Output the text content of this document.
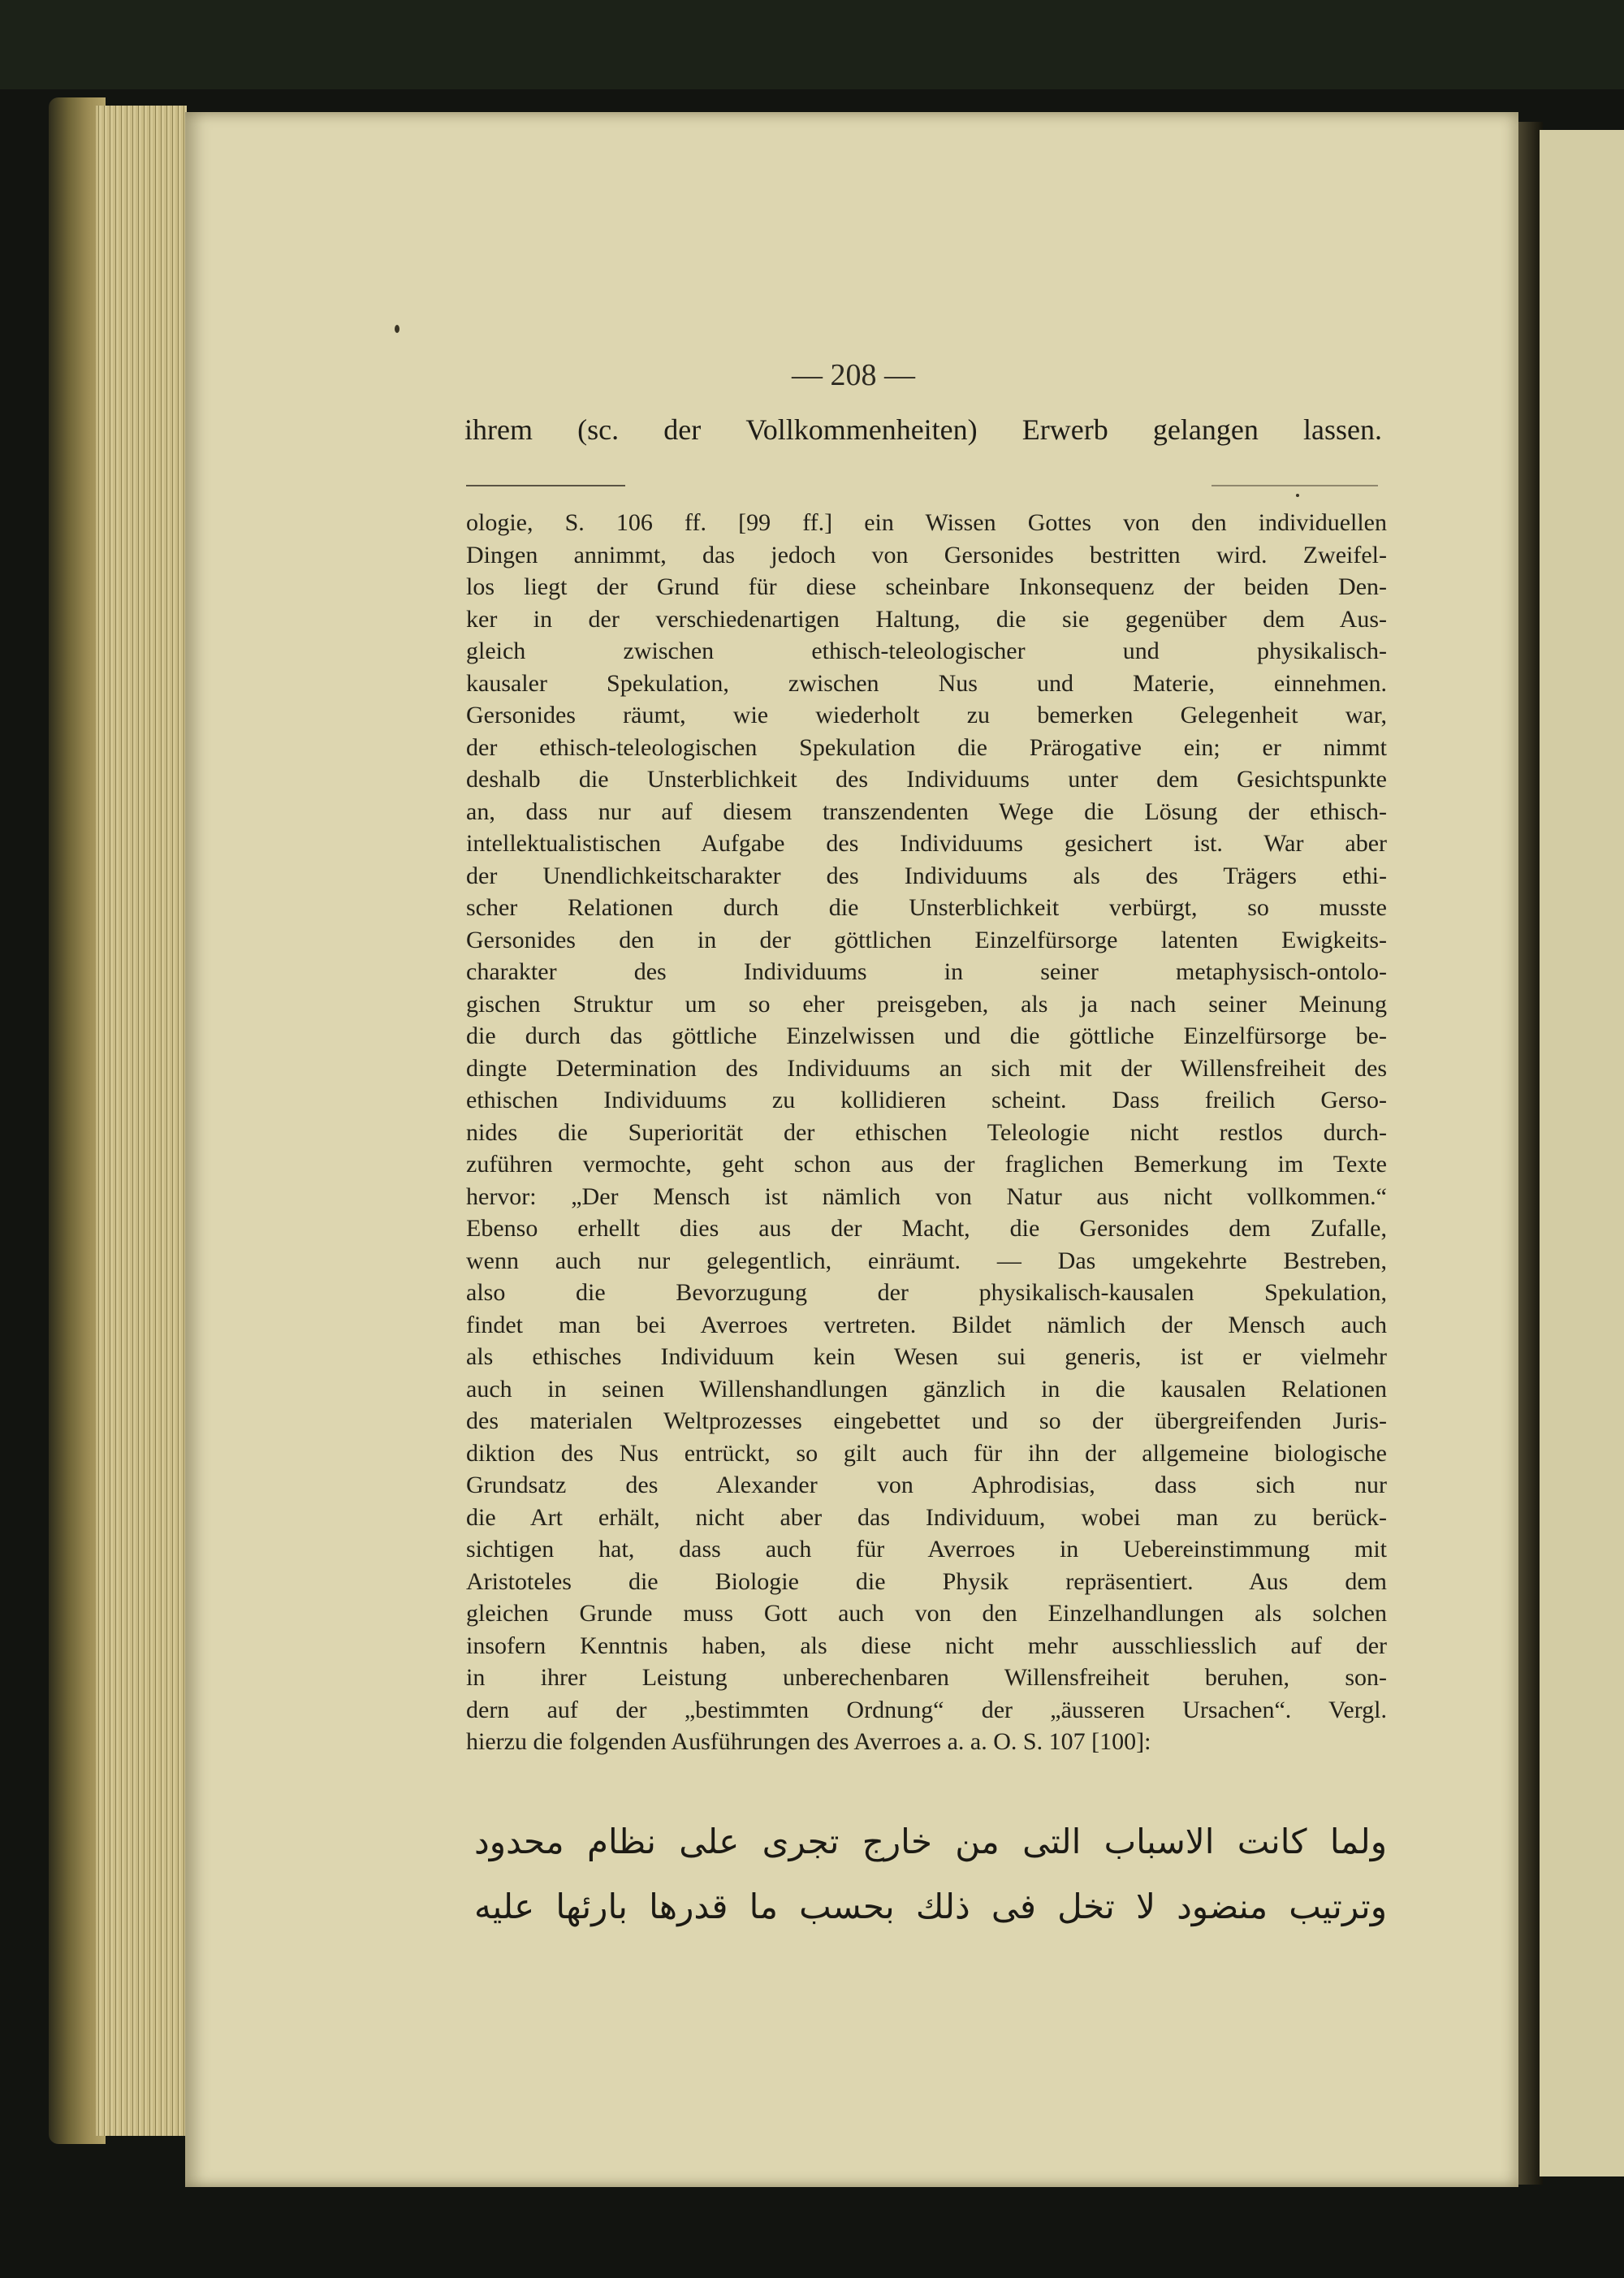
— 208 —
ihrem (sc. der Vollkommenheiten) Erwerb gelangen lassen.
ologie, S. 106 ff. [99 ff.] ein Wissen Gottes von den individuellen
Dingen annimmt, das jedoch von Gersonides bestritten wird. Zweifel-
los liegt der Grund für diese scheinbare Inkonsequenz der beiden Den-
ker in der verschiedenartigen Haltung, die sie gegenüber dem Aus-
gleich zwischen ethisch-teleologischer und physikalisch-
kausaler Spekulation, zwischen Nus und Materie, einnehmen.
Gersonides räumt, wie wiederholt zu bemerken Gelegenheit war,
der ethisch-teleologischen Spekulation die Prärogative ein; er nimmt
deshalb die Unsterblichkeit des Individuums unter dem Gesichtspunkte
an, dass nur auf diesem transzendenten Wege die Lösung der ethisch-
intellektualistischen Aufgabe des Individuums gesichert ist. War aber
der Unendlichkeitscharakter des Individuums als des Trägers ethi-
scher Relationen durch die Unsterblichkeit verbürgt, so musste
Gersonides den in der göttlichen Einzelfürsorge latenten Ewigkeits-
charakter des Individuums in seiner metaphysisch-ontolo-
gischen Struktur um so eher preisgeben, als ja nach seiner Meinung
die durch das göttliche Einzelwissen und die göttliche Einzelfürsorge be-
dingte Determination des Individuums an sich mit der Willensfreiheit des
ethischen Individuums zu kollidieren scheint. Dass freilich Gerso-
nides die Superiorität der ethischen Teleologie nicht restlos durch-
zuführen vermochte, geht schon aus der fraglichen Bemerkung im Texte
hervor: „Der Mensch ist nämlich von Natur aus nicht vollkommen.“
Ebenso erhellt dies aus der Macht, die Gersonides dem Zufalle,
wenn auch nur gelegentlich, einräumt. — Das umgekehrte Bestreben,
also die Bevorzugung der physikalisch-kausalen Spekulation,
findet man bei Averroes vertreten. Bildet nämlich der Mensch auch
als ethisches Individuum kein Wesen sui generis, ist er vielmehr
auch in seinen Willenshandlungen gänzlich in die kausalen Relationen
des materialen Weltprozesses eingebettet und so der übergreifenden Juris-
diktion des Nus entrückt, so gilt auch für ihn der allgemeine biologische
Grundsatz des Alexander von Aphrodisias, dass sich nur
die Art erhält, nicht aber das Individuum, wobei man zu berück-
sichtigen hat, dass auch für Averroes in Uebereinstimmung mit
Aristoteles die Biologie die Physik repräsentiert. Aus dem
gleichen Grunde muss Gott auch von den Einzelhandlungen als solchen
insofern Kenntnis haben, als diese nicht mehr ausschliesslich auf der
in ihrer Leistung unberechenbaren Willensfreiheit beruhen, son-
dern auf der „bestimmten Ordnung“ der „äusseren Ursachen“. Vergl.
hierzu die folgenden Ausführungen des Averroes a. a. O. S. 107 [100]:
ولما كانت الاسباب التى من خارج تجرى على نظام محدود
وترتيب منضود لا تخل فى ذلك بحسب ما قدرها بارئها عليه
